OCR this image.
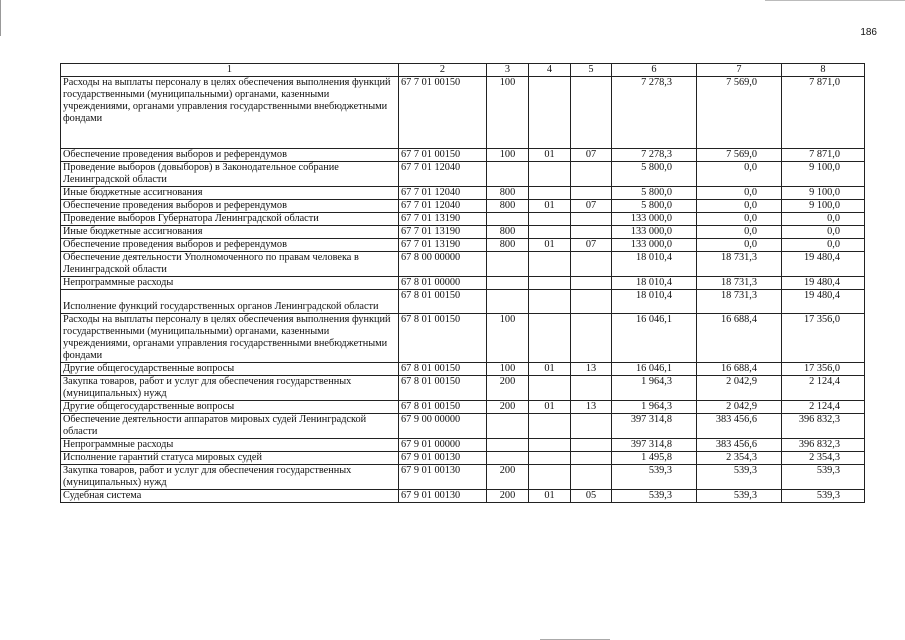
186
1	2	3	4	5	6	7	8
Расходы на выплаты персоналу в целях обеспечения выполнения функций государственными (муниципальными) органами, казенными учреждениями, органами управления государственными внебюджетными фондами	67 7 01 00150	100			7 278,3	7 569,0	7 871,0
Обеспечение проведения выборов и референдумов	67 7 01 00150	100	01	07	7 278,3	7 569,0	7 871,0
Проведение выборов (довыборов) в Законодательное собрание Ленинградской области	67 7 01 12040				5 800,0	0,0	9 100,0
Иные бюджетные ассигнования	67 7 01 12040	800			5 800,0	0,0	9 100,0
Обеспечение проведения выборов и референдумов	67 7 01 12040	800	01	07	5 800,0	0,0	9 100,0
Проведение выборов Губернатора Ленинградской области	67 7 01 13190				133 000,0	0,0	0,0
Иные бюджетные ассигнования	67 7 01 13190	800			133 000,0	0,0	0,0
Обеспечение проведения выборов и референдумов	67 7 01 13190	800	01	07	133 000,0	0,0	0,0
Обеспечение деятельности Уполномоченного по правам человека в Ленинградской области	67 8 00 00000				18 010,4	18 731,3	19 480,4
Непрограммные расходы	67 8 01 00000				18 010,4	18 731,3	19 480,4
Исполнение функций государственных органов Ленинградской области	67 8 01 00150				18 010,4	18 731,3	19 480,4
Расходы на выплаты персоналу в целях обеспечения выполнения функций государственными (муниципальными) органами, казенными учреждениями, органами управления государственными внебюджетными фондами	67 8 01 00150	100			16 046,1	16 688,4	17 356,0
Другие общегосударственные вопросы	67 8 01 00150	100	01	13	16 046,1	16 688,4	17 356,0
Закупка товаров, работ и услуг для обеспечения государственных (муниципальных) нужд	67 8 01 00150	200			1 964,3	2 042,9	2 124,4
Другие общегосударственные вопросы	67 8 01 00150	200	01	13	1 964,3	2 042,9	2 124,4
Обеспечение деятельности аппаратов мировых судей Ленинградской области	67 9 00 00000				397 314,8	383 456,6	396 832,3
Непрограммные расходы	67 9 01 00000				397 314,8	383 456,6	396 832,3
Исполнение гарантий статуса мировых судей	67 9 01 00130				1 495,8	2 354,3	2 354,3
Закупка товаров, работ и услуг для обеспечения государственных (муниципальных) нужд	67 9 01 00130	200			539,3	539,3	539,3
Судебная система	67 9 01 00130	200	01	05	539,3	539,3	539,3
